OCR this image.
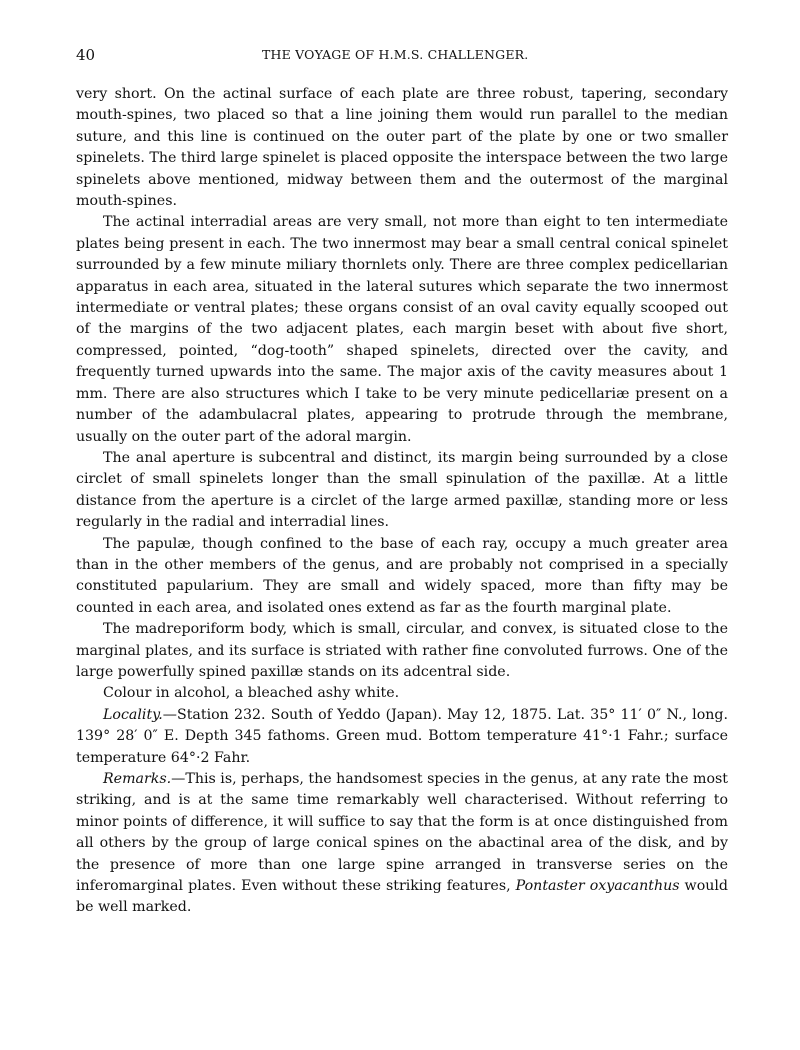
40	THE VOYAGE OF H.M.S. CHALLENGER.

very short. On the actinal surface of each plate are three robust, tapering, secondary mouth-spines, two placed so that a line joining them would run parallel to the median suture, and this line is continued on the outer part of the plate by one or two smaller spinelets. The third large spinelet is placed opposite the interspace between the two large spinelets above mentioned, midway between them and the outermost of the marginal mouth-spines.

The actinal interradial areas are very small, not more than eight to ten intermediate plates being present in each. The two innermost may bear a small central conical spinelet surrounded by a few minute miliary thornlets only. There are three complex pedicellarian apparatus in each area, situated in the lateral sutures which separate the two innermost intermediate or ventral plates; these organs consist of an oval cavity equally scooped out of the margins of the two adjacent plates, each margin beset with about five short, compressed, pointed, “dog-tooth” shaped spinelets, directed over the cavity, and frequently turned upwards into the same. The major axis of the cavity measures about 1 mm. There are also structures which I take to be very minute pedicellariæ present on a number of the adambulacral plates, appearing to protrude through the membrane, usually on the outer part of the adoral margin.

The anal aperture is subcentral and distinct, its margin being surrounded by a close circlet of small spinelets longer than the small spinulation of the paxillæ. At a little distance from the aperture is a circlet of the large armed paxillæ, standing more or less regularly in the radial and interradial lines.

The papulæ, though confined to the base of each ray, occupy a much greater area than in the other members of the genus, and are probably not comprised in a specially constituted papularium. They are small and widely spaced, more than fifty may be counted in each area, and isolated ones extend as far as the fourth marginal plate.

The madreporiform body, which is small, circular, and convex, is situated close to the marginal plates, and its surface is striated with rather fine convoluted furrows. One of the large powerfully spined paxillæ stands on its adcentral side.

Colour in alcohol, a bleached ashy white.

Locality.—Station 232. South of Yeddo (Japan). May 12, 1875. Lat. 35° 11′ 0″ N., long. 139° 28′ 0″ E. Depth 345 fathoms. Green mud. Bottom temperature 41°·1 Fahr.; surface temperature 64°·2 Fahr.

Remarks.—This is, perhaps, the handsomest species in the genus, at any rate the most striking, and is at the same time remarkably well characterised. Without referring to minor points of difference, it will suffice to say that the form is at once distinguished from all others by the group of large conical spines on the abactinal area of the disk, and by the presence of more than one large spine arranged in transverse series on the inferomarginal plates. Even without these striking features, Pontaster oxyacanthus would be well marked.
